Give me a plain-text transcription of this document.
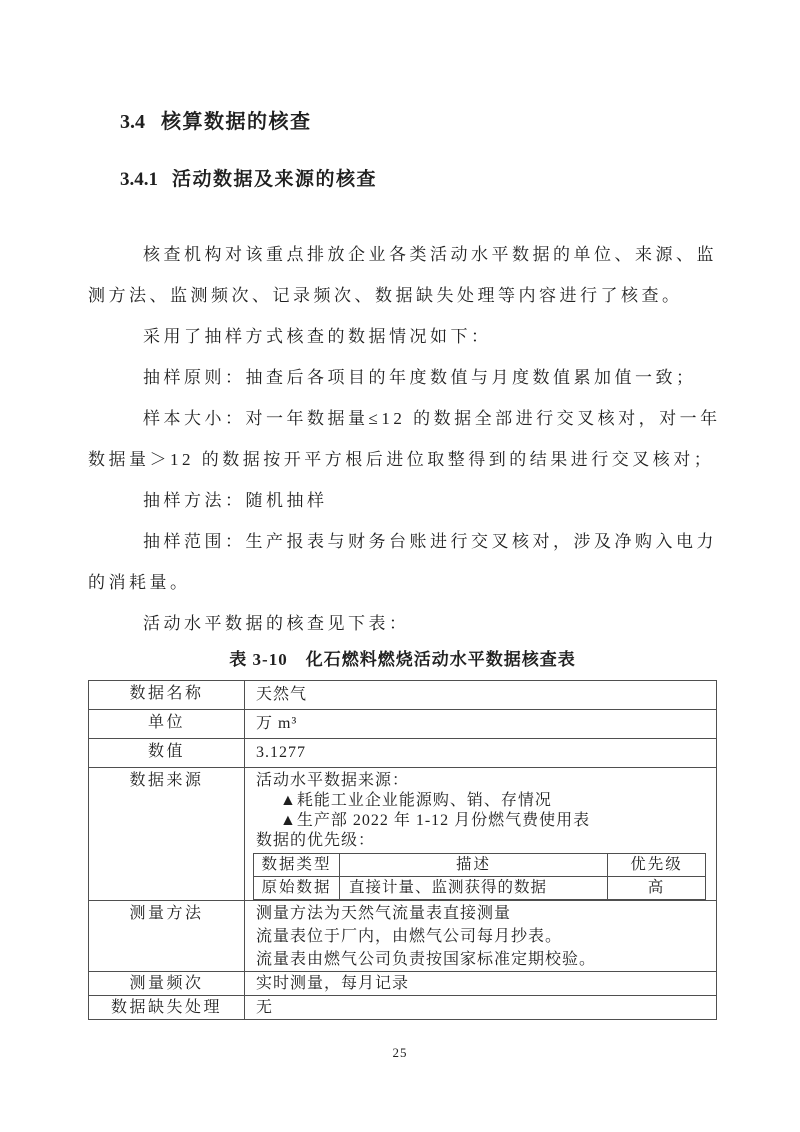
3.4 核算数据的核查
3.4.1 活动数据及来源的核查
核查机构对该重点排放企业各类活动水平数据的单位、来源、监
测方法、监测频次、记录频次、数据缺失处理等内容进行了核查。
采用了抽样方式核查的数据情况如下：
抽样原则：抽查后各项目的年度数值与月度数值累加值一致；
样本大小：对一年数据量≤12 的数据全部进行交叉核对，对一年
数据量＞12 的数据按开平方根后进位取整得到的结果进行交叉核对；
抽样方法：随机抽样
抽样范围：生产报表与财务台账进行交叉核对，涉及净购入电力
的消耗量。
活动水平数据的核查见下表：
表 3-10　化石燃料燃烧活动水平数据核查表
数据名称	天然气

单位	万 m³

数值	3.1277

数据来源	活动水平数据来源：
▲耗能工业企业能源购、销、存情况
▲生产部 2022 年 1-12 月份燃气费使用表
数据的优先级：
数据类型	描述	优先级
原始数据	直接计量、监测获得的数据	高

测量方法	测量方法为天然气流量表直接测量
流量表位于厂内，由燃气公司每月抄表。
流量表由燃气公司负责按国家标准定期校验。

测量频次	实时测量，每月记录

数据缺失处理	无
25
